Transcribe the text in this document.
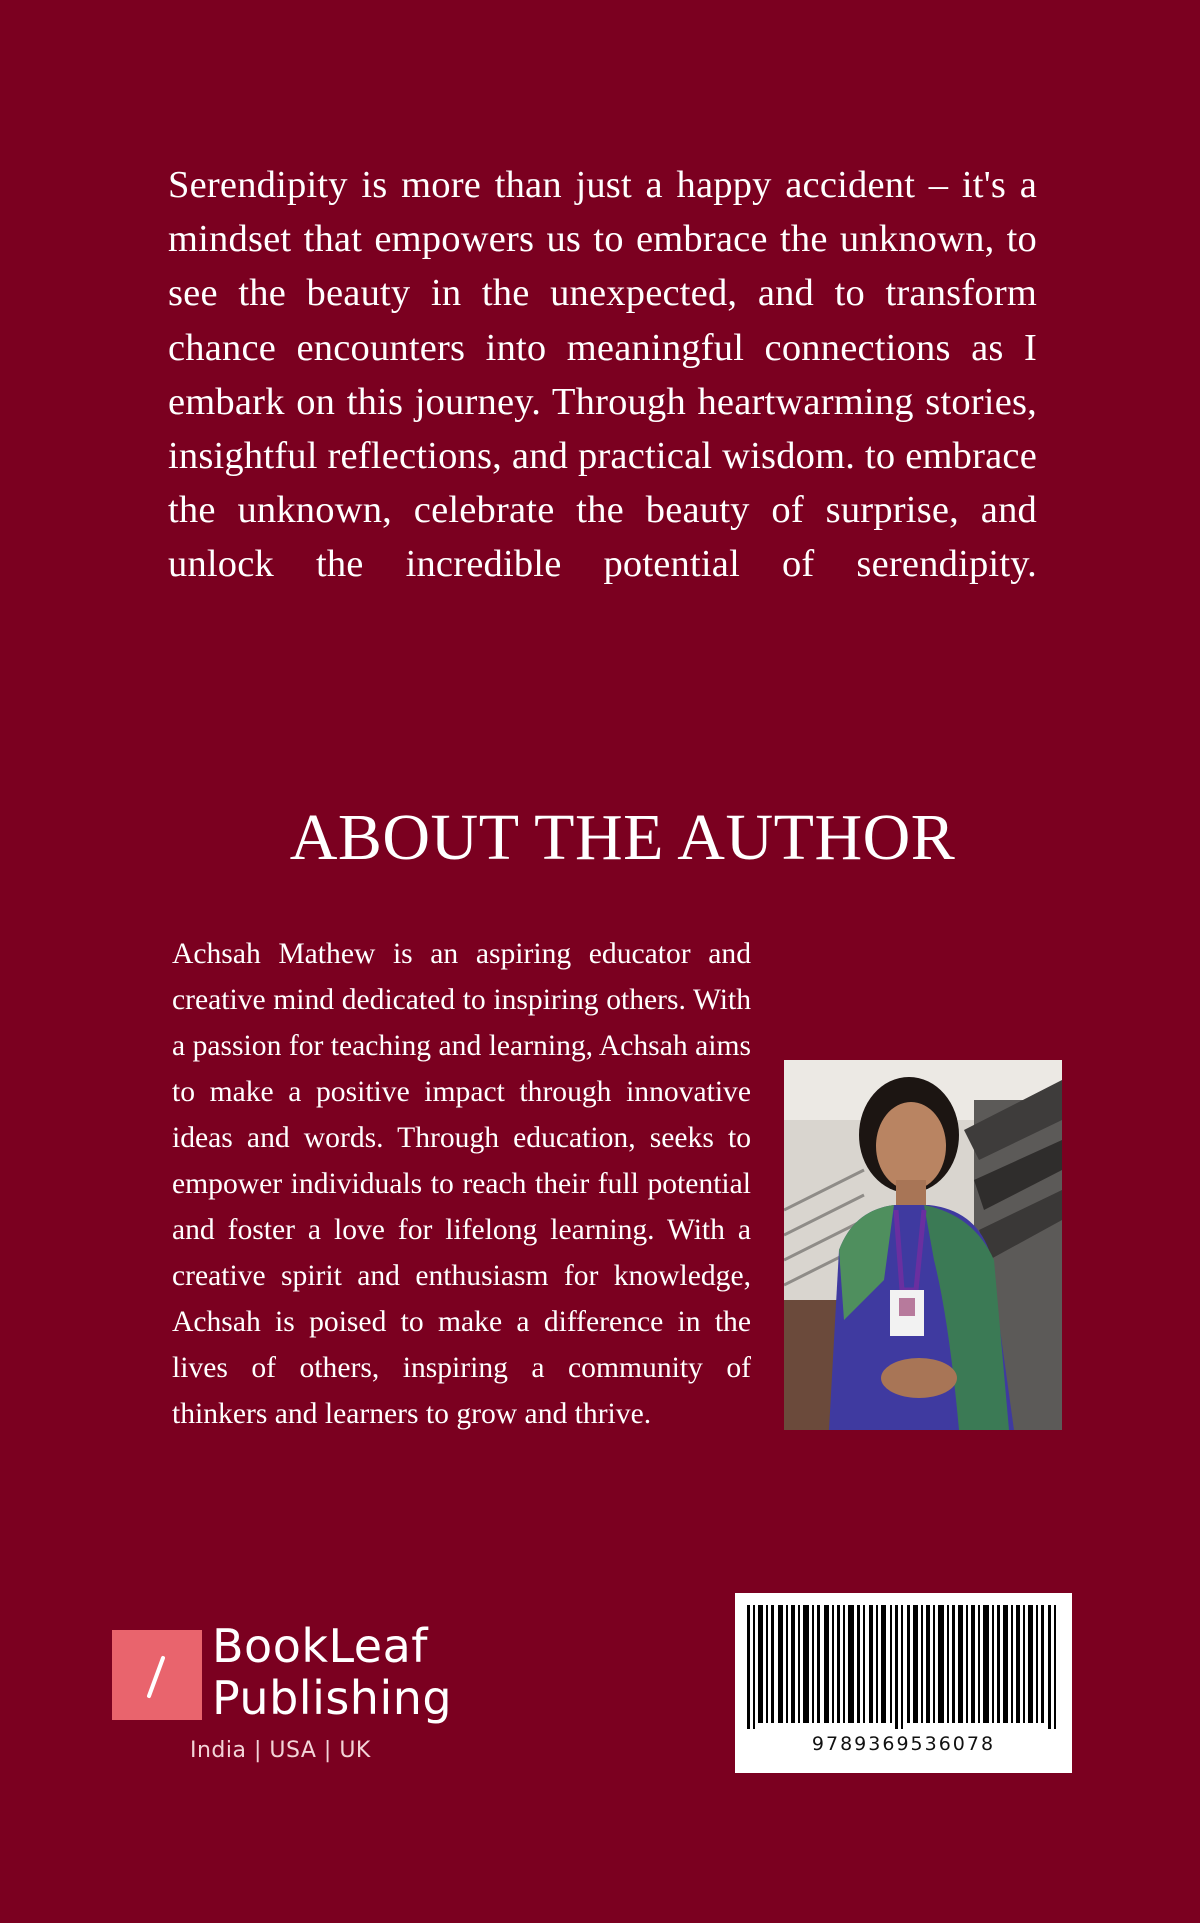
Serendipity is more than just a happy accident – it's a mindset that empowers us to embrace the unknown, to see the beauty in the unexpected, and to transform chance encounters into meaningful connections as I embark on this journey. Through heartwarming stories, insightful reflections, and practical wisdom. to embrace the unknown, celebrate the beauty of surprise, and unlock the incredible potential of serendipity.

ABOUT THE AUTHOR

Achsah Mathew is an aspiring educator and creative mind dedicated to inspiring others. With a passion for teaching and learning, Achsah aims to make a positive impact through innovative ideas and words. Through education, seeks to empower individuals to reach their full potential and foster a love for lifelong learning. With a creative spirit and enthusiasm for knowledge, Achsah is poised to make a difference in the lives of others, inspiring a community of thinkers and learners to grow and thrive.

BookLeaf
Publishing
India | USA | UK	9789369536078
